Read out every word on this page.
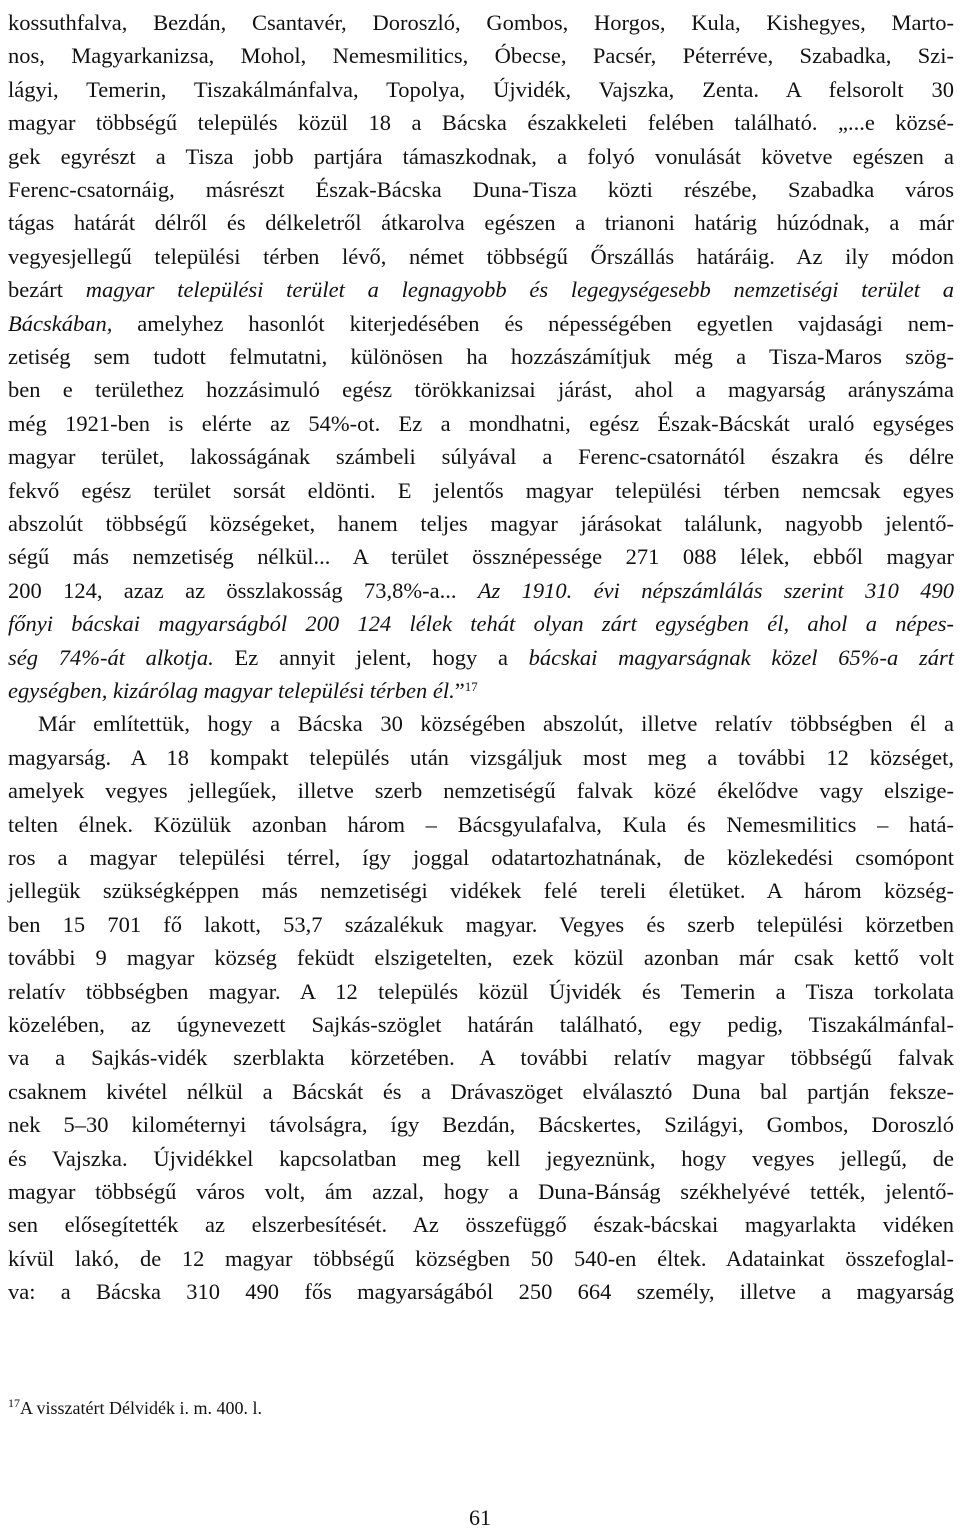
kossuthfalva, Bezdán, Csantavér, Doroszló, Gombos, Horgos, Kula, Kishegyes, Marto-
nos, Magyarkanizsa, Mohol, Nemesmilitics, Óbecse, Pacsér, Péterréve, Szabadka, Szi-
lágyi, Temerin, Tiszakálmánfalva, Topolya, Újvidék, Vajszka, Zenta. A felsorolt 30
magyar többségű település közül 18 a Bácska északkeleti felében található. „...e közsé-
gek egyrészt a Tisza jobb partjára támaszkodnak, a folyó vonulását követve egészen a
Ferenc-csatornáig, másrészt Észak-Bácska Duna-Tisza közti részébe, Szabadka város
tágas határát délről és délkeletről átkarolva egészen a trianoni határig húzódnak, a már
vegyesjellegű települési térben lévő, német többségű Őrszállás határáig. Az ily módon
bezárt magyar települési terület a legnagyobb és legegységesebb nemzetiségi terület a
Bácskában, amelyhez hasonlót kiterjedésében és népességében egyetlen vajdasági nem-
zetiség sem tudott felmutatni, különösen ha hozzászámítjuk még a Tisza-Maros szög-
ben e területhez hozzásimuló egész törökkanizsai járást, ahol a magyarság arányszáma
még 1921-ben is elérte az 54%-ot. Ez a mondhatni, egész Észak-Bácskát uraló egységes
magyar terület, lakosságának számbeli súlyával a Ferenc-csatornától északra és délre
fekvő egész terület sorsát eldönti. E jelentős magyar települési térben nemcsak egyes
abszolút többségű községeket, hanem teljes magyar járásokat találunk, nagyobb jelentő-
ségű más nemzetiség nélkül... A terület össznépessége 271 088 lélek, ebből magyar
200 124, azaz az összlakosság 73,8%-a... Az 1910. évi népszámlálás szerint 310 490
főnyi bácskai magyarságból 200 124 lélek tehát olyan zárt egységben él, ahol a népes-
ség 74%-át alkotja. Ez annyit jelent, hogy a bácskai magyarságnak közel 65%-a zárt
egységben, kizárólag magyar települési térben él.”$^{17}$
Már említettük, hogy a Bácska 30 községében abszolút, illetve relatív többségben él a
magyarság. A 18 kompakt település után vizsgáljuk most meg a további 12 községet,
amelyek vegyes jellegűek, illetve szerb nemzetiségű falvak közé ékelődve vagy elszige-
telten élnek. Közülük azonban három – Bácsgyulafalva, Kula és Nemesmilitics – hatá-
ros a magyar települési térrel, így joggal odatartozhatnának, de közlekedési csomópont
jellegük szükségképpen más nemzetiségi vidékek felé tereli életüket. A három község-
ben 15 701 fő lakott, 53,7 százalékuk magyar. Vegyes és szerb települési körzetben
további 9 magyar község feküdt elszigetelten, ezek közül azonban már csak kettő volt
relatív többségben magyar. A 12 település közül Újvidék és Temerin a Tisza torkolata
közelében, az úgynevezett Sajkás-szöglet határán található, egy pedig, Tiszakálmánfal-
va a Sajkás-vidék szerblakta körzetében. A további relatív magyar többségű falvak
csaknem kivétel nélkül a Bácskát és a Drávaszöget elválasztó Duna bal partján fekszе-
nek 5–30 kilométernyi távolságra, így Bezdán, Bácskertes, Szilágyi, Gombos, Doroszló
és Vajszka. Újvidékkel kapcsolatban meg kell jegyeznünk, hogy vegyes jellegű, de
magyar többségű város volt, ám azzal, hogy a Duna-Bánság székhelyévé tették, jelentő-
sen elősegítették az elszerbesítését. Az összefüggő észak-bácskai magyarlakta vidéken
kívül lakó, de 12 magyar többségű községben 50 540-en éltek. Adatainkat összefoglal-
va: a Bácska 310 490 fős magyarságából 250 664 személy, illetve a magyarság
$^{17}$A visszatért Délvidék i. m. 400. l.
61
